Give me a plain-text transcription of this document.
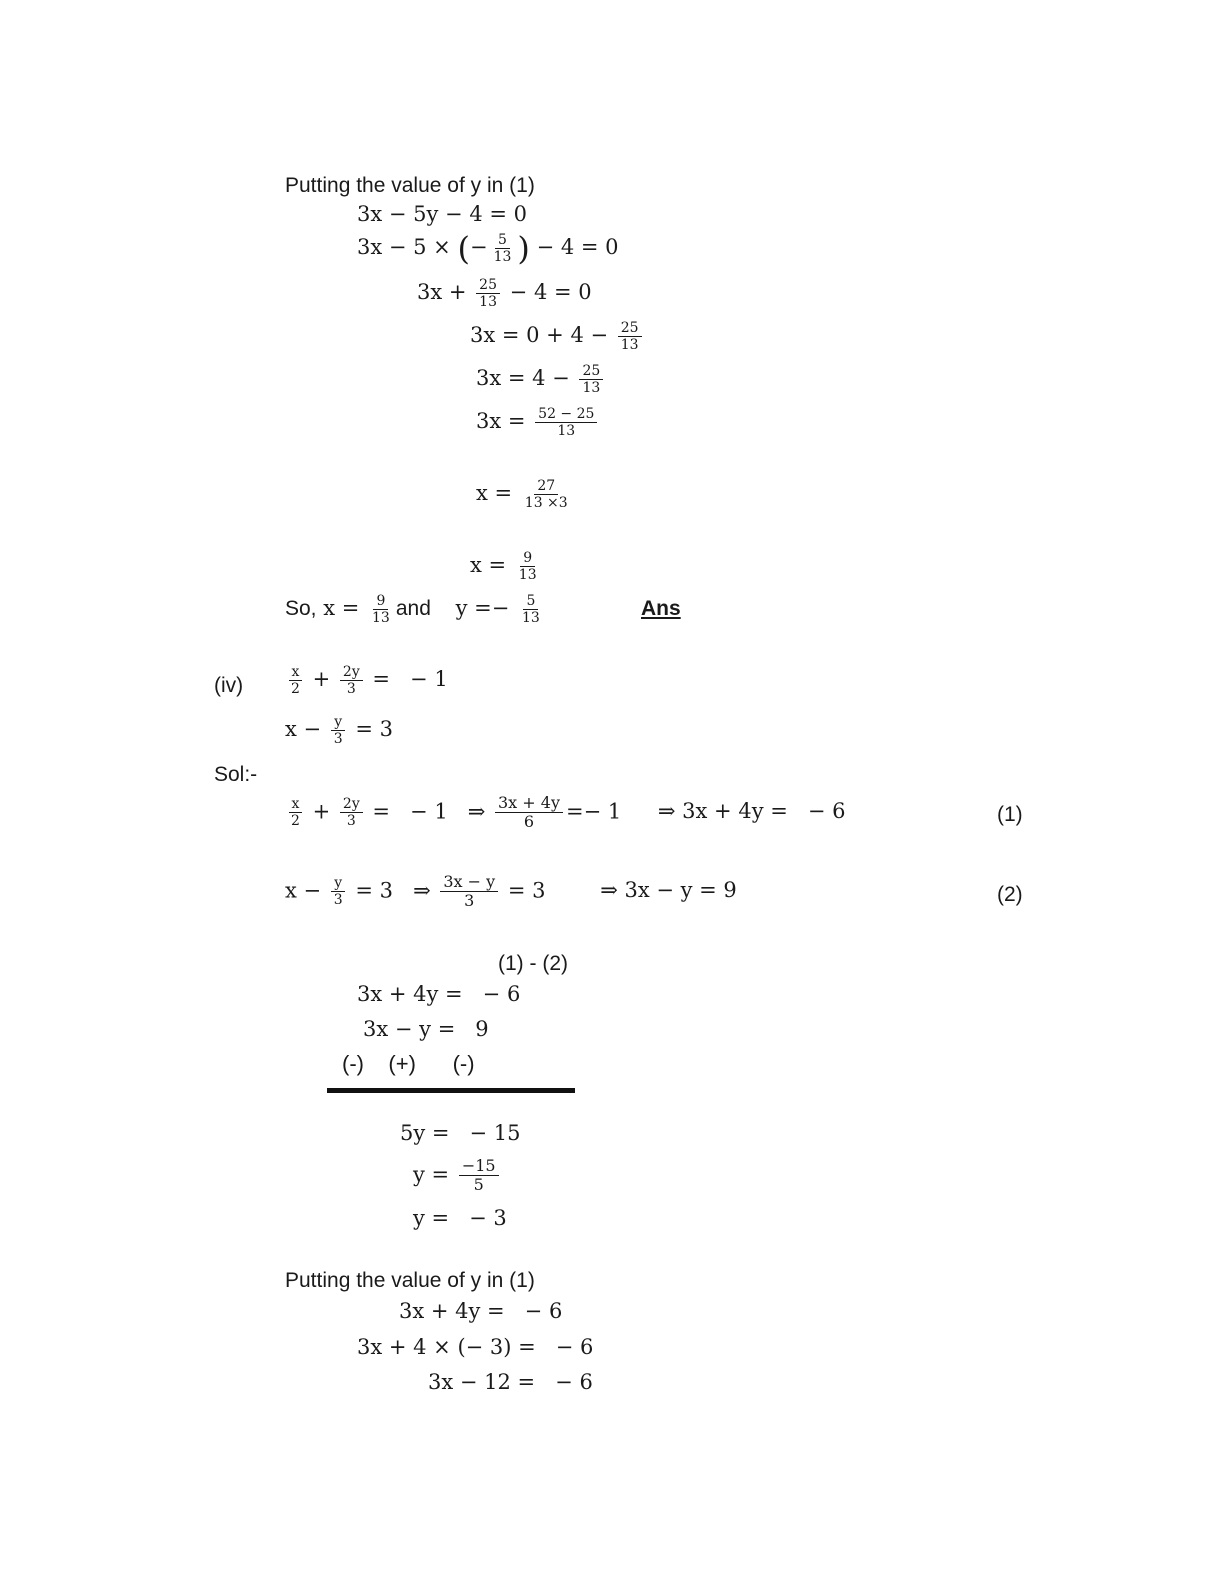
Putting the value of y in (1)
3x − 5y − 4 = 0
3x − 5 × (− $\frac{5}{13}$ ) − 4 = 0
$3x + \frac{25}{13} - 4 = 0$
$3x = 0 + 4 - \frac{25}{13}$
$3x = 4 - \frac{25}{13}$
$3x = \frac{52 - 25}{13}$
$x = \frac{27}{13 \times 3}$
$x = \frac{9}{13}$
So, $x = \frac{9}{13}$ and $y =- \frac{5}{13}$	Ans
(iv)	$\frac{x}{2} + \frac{2y}{3}$ =   − 1
$x - \frac{y}{3} = 3$
Sol:-
$\frac{x}{2} + \frac{2y}{3}$ =   − 1   ⇒ $\frac{3x + 4y}{6} =- 1$ ⇒ 3x + 4y =   − 6	(1)
$x - \frac{y}{3} = 3$   ⇒ $\frac{3x - y}{3} = 3$	⇒ 3x − y = 9	(2)
(1) - (2)
3x + 4y =   − 6
3x − y =   9
(-)    (+)      (-)
5y =   − 15
$y = \frac{-15}{5}$
y =   − 3
Putting the value of y in (1)
3x + 4y =   − 6
3x + 4 × (− 3) =   − 6
3x − 12 =   − 6
